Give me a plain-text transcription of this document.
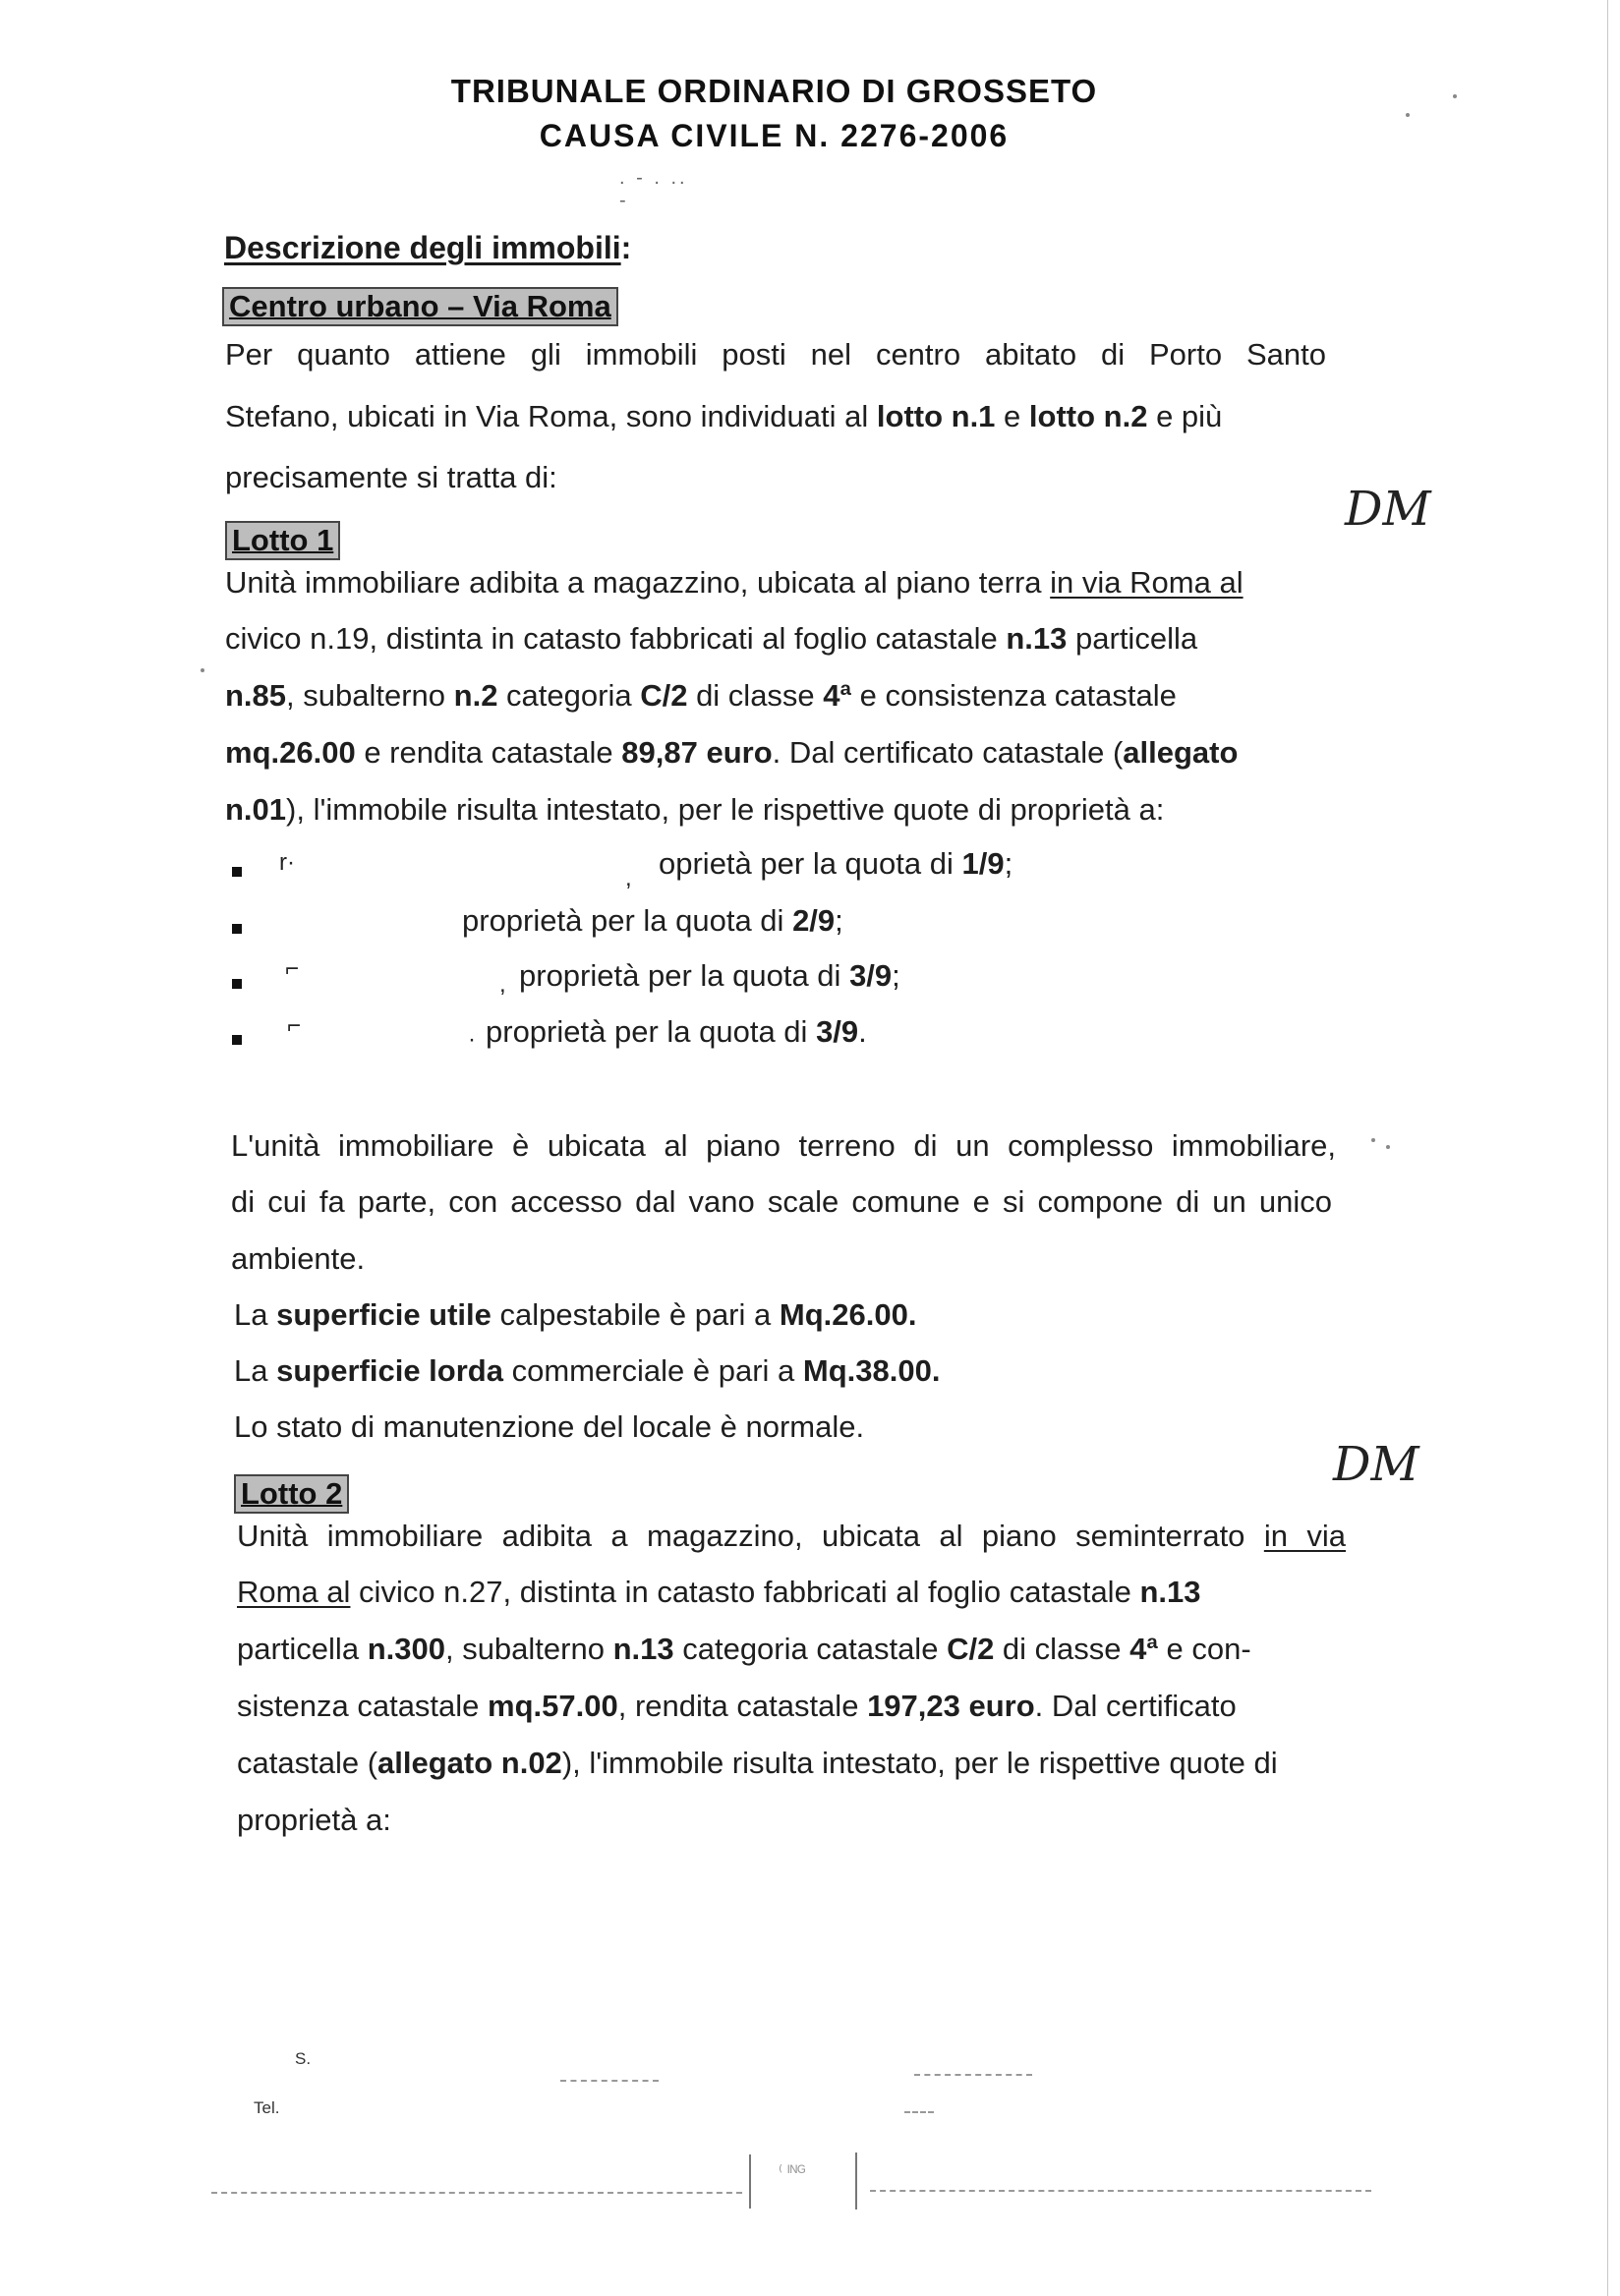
TRIBUNALE ORDINARIO DI GROSSETO
CAUSA CIVILE N. 2276-2006
. - . .. -
Descrizione degli immobili:
Centro urbano – Via Roma
Per quanto attiene gli immobili posti nel centro abitato di Porto Santo
Stefano, ubicati in Via Roma, sono individuati al lotto n.1 e lotto n.2 e più
precisamente si tratta di:
Lotto 1
DM
Unità immobiliare adibita a magazzino, ubicata al piano terra in via Roma al
civico n.19, distinta in catasto fabbricati al foglio catastale n.13 particella
n.85, subalterno n.2 categoria C/2 di classe 4ª e consistenza catastale
mq.26.00 e rendita catastale 89,87 euro. Dal certificato catastale (allegato
n.01), l'immobile risulta intestato, per le rispettive quote di proprietà a:
r·
, oprietà per la quota di 1/9;
proprietà per la quota di 2/9;
⌐
, proprietà per la quota di 3/9;
⌐
· proprietà per la quota di 3/9.
L'unità immobiliare è ubicata al piano terreno di un complesso immobiliare,
di cui fa parte, con accesso dal vano scale comune e si compone di un unico
ambiente.
La superficie utile calpestabile è pari a Mq.26.00.
La superficie lorda commerciale è pari a Mq.38.00.
Lo stato di manutenzione del locale è normale.
Lotto 2
DM
Unità immobiliare adibita a magazzino, ubicata al piano seminterrato in via
Roma al civico n.27, distinta in catasto fabbricati al foglio catastale n.13
particella n.300, subalterno n.13 categoria catastale C/2 di classe 4ª e con-
sistenza catastale mq.57.00, rendita catastale 197,23 euro. Dal certificato
catastale (allegato n.02), l'immobile risulta intestato, per le rispettive quote di
proprietà a:
S.
Tel.
⁽ ᴵᴺᴳ
